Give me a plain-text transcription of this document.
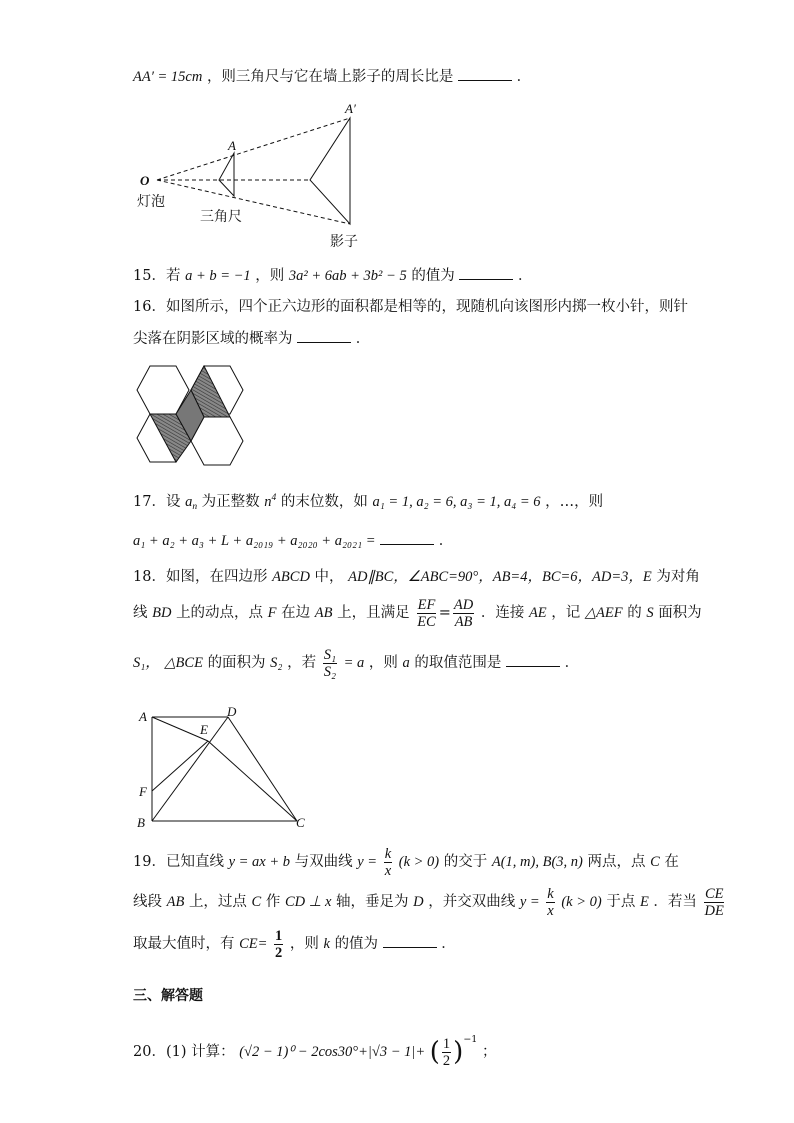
AA′ = 15cm ，则三角尺与它在墙上影子的周长比是	．
O
A
A′
灯泡
三角尺
影子
15．若 a + b = −1 ，则 3a² + 6ab + 3b² − 5 的值为	．
16．如图所示，四个正六边形的面积都是相等的，现随机向该图形内掷一枚小针，则针
尖落在阴影区域的概率为	．
17．设 $a_n$ 为正整数 $n^4$ 的末位数，如 a₁ = 1, a₂ = 6, a₃ = 1, a₄ = 6 ，…，则
a₁ + a₂ + a₃ + L + a₂₀₁₉ + a₂₀₂₀ + a₂₀₂₁ =	．
18．如图，在四边形 ABCD 中， AD∥BC，∠ABC=90°，AB=4，BC=6，AD=3，E 为对角
线 BD 上的动点，点 F 在边 AB 上，且满足 $\frac{EF}{EC} = \frac{AD}{AB}$ ．连接 AE ，记 △AEF 的 S 面积为
S₁， △BCE 的面积为 S₂ ，若 $\frac{\text{S₁}}{\text{S₂}} = a$ ，则 a 的取值范围是	．
A	D
E
F
B	C
19．已知直线 y = ax + b 与双曲线 $y = \frac{k}{x} (k > 0)$ 的交于 A(1, m), B(3, n) 两点，点 C 在
线段 AB 上，过点 C 作 CD ⊥ x 轴，垂足为 D ，并交双曲线 $y = \frac{k}{x} (k > 0)$ 于点 E ．若当 $\frac{CE}{DE}$
取最大值时，有 $CE= \frac{1}{2}$ ，则 k 的值为	．
三、解答题
20．(1) 计算： (√2 − 1)⁰ − 2cos30°+|√3 − 1|+ ( $\frac{1}{2} )^{-1}$ ；
